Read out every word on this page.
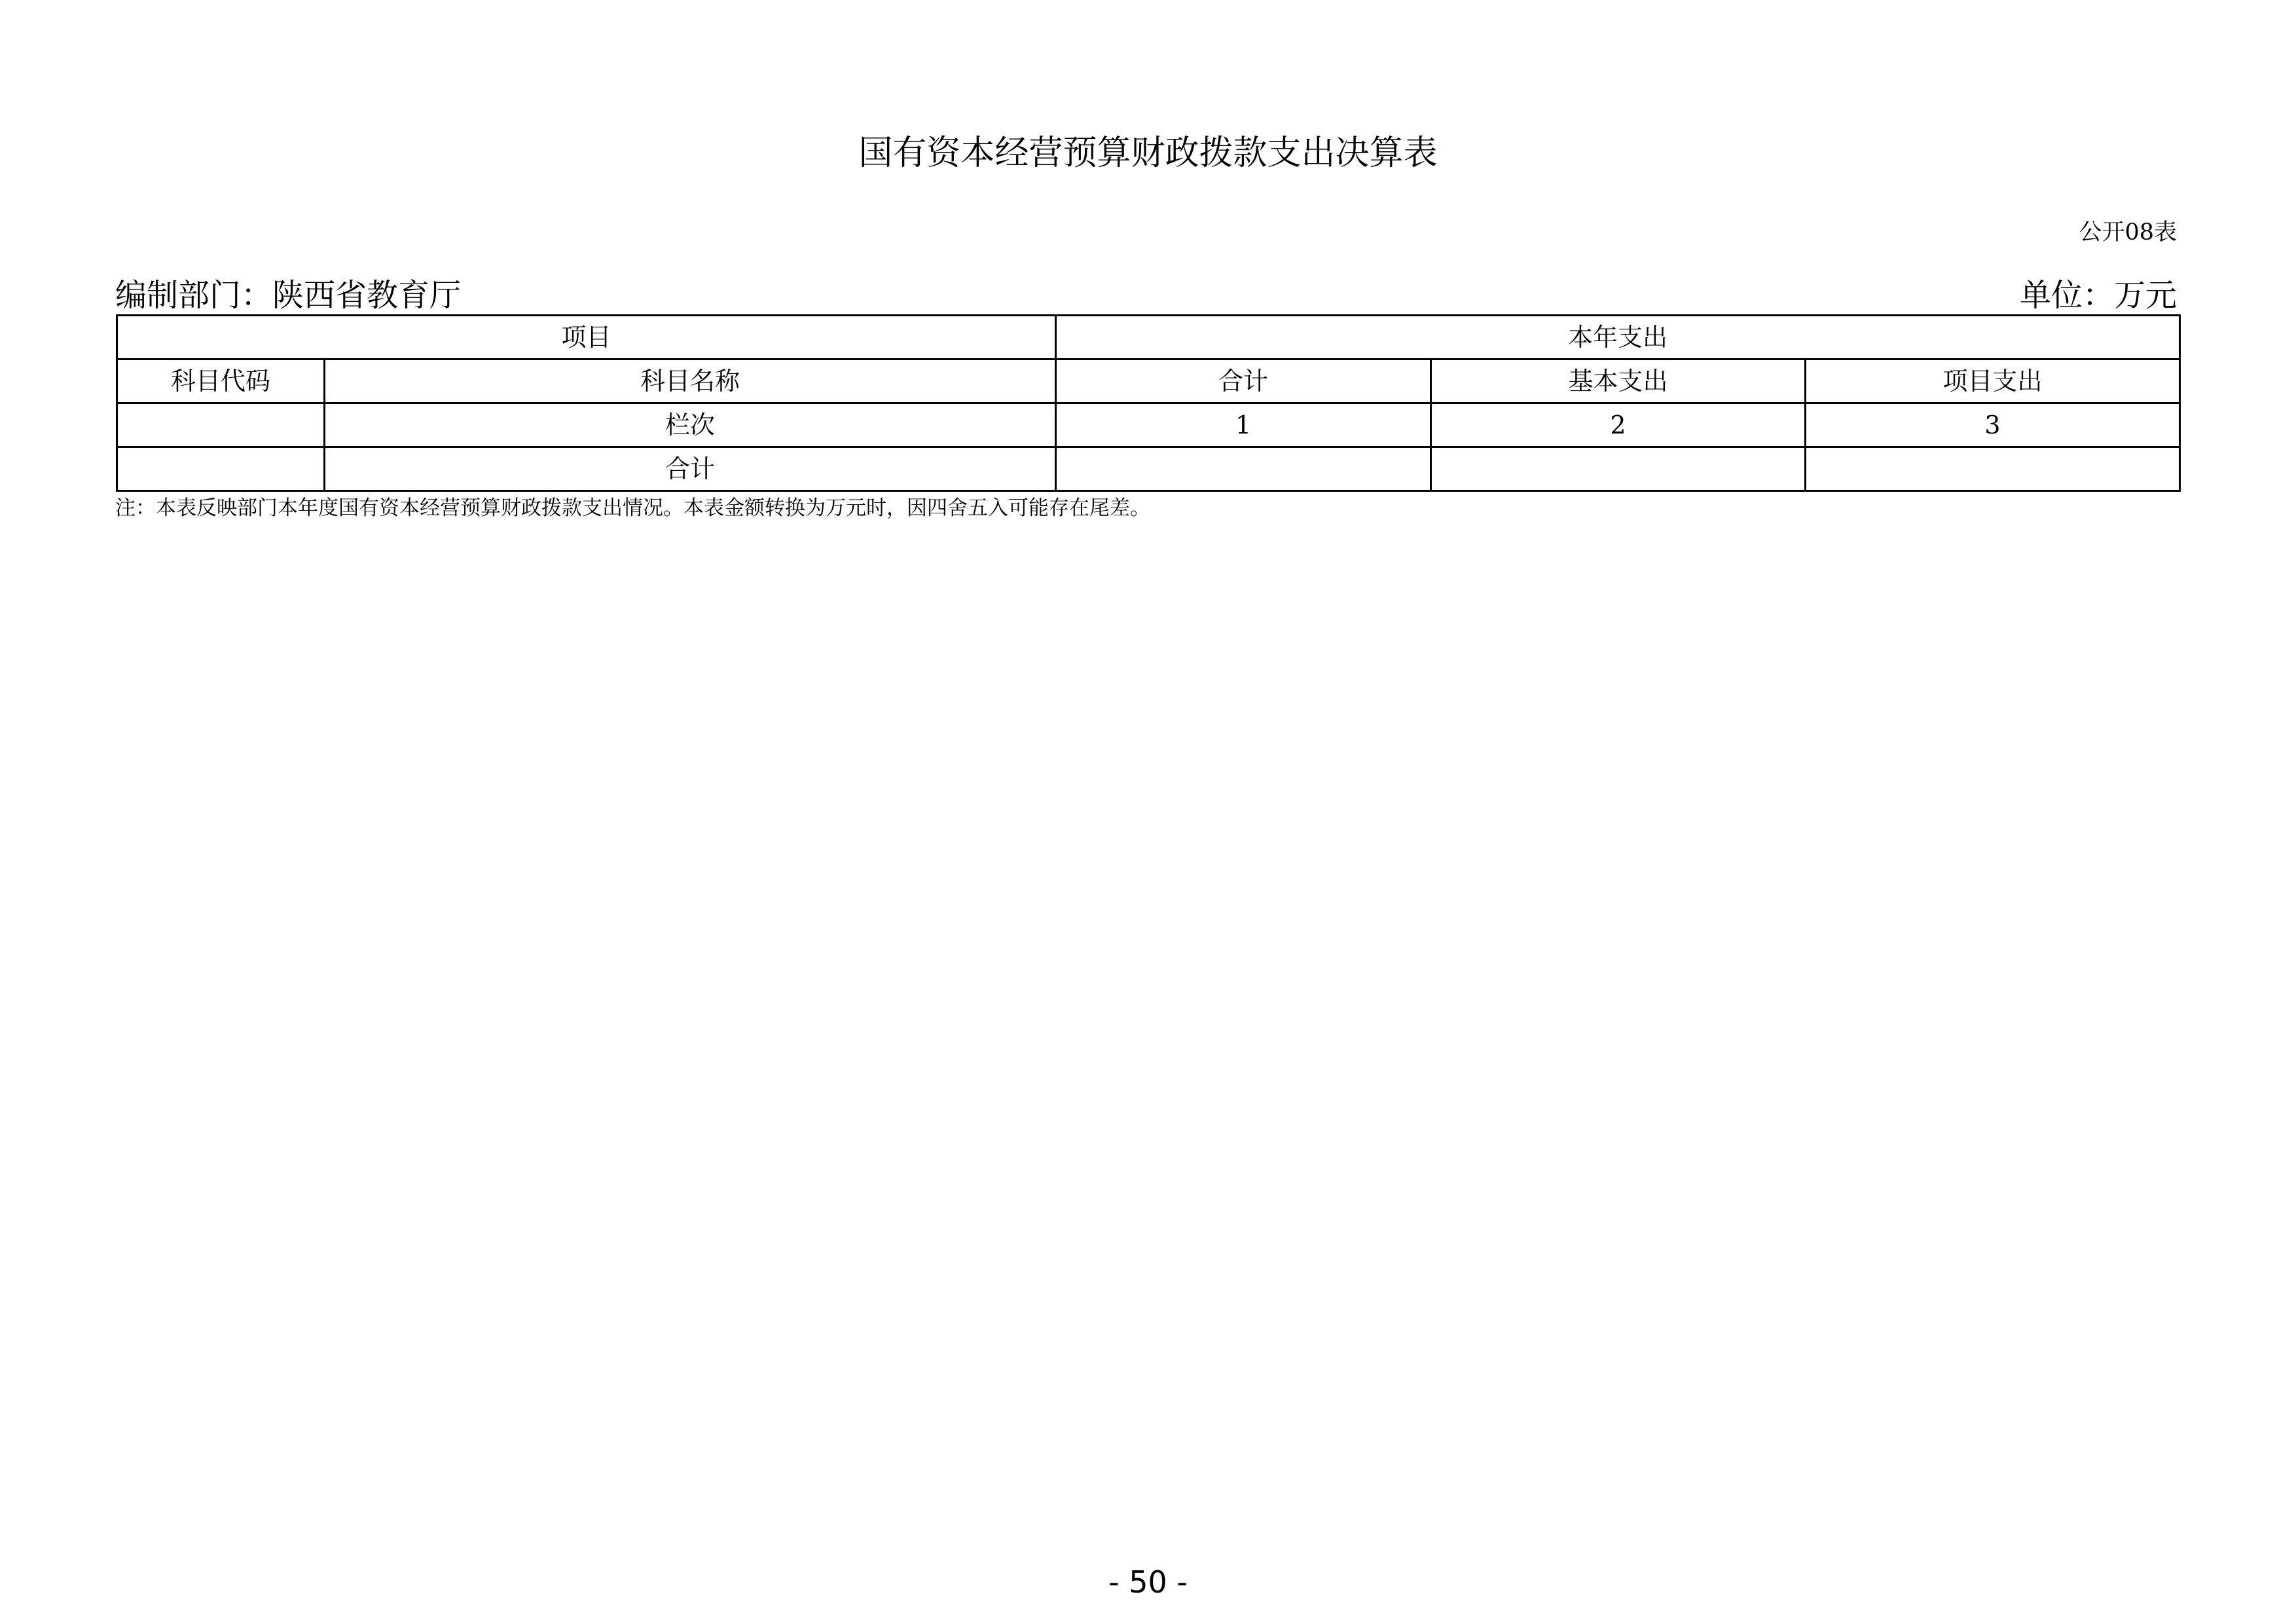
国有资本经营预算财政拨款支出决算表
公开08表
编制部门：陕西省教育厅	单位：万元
项目		本年支出		
科目代码	科目名称	合计	基本支出	项目支出
	栏次	1	2	3
	合计			
注：本表反映部门本年度国有资本经营预算财政拨款支出情况。本表金额转换为万元时，因四舍五入可能存在尾差。
- 50 -
